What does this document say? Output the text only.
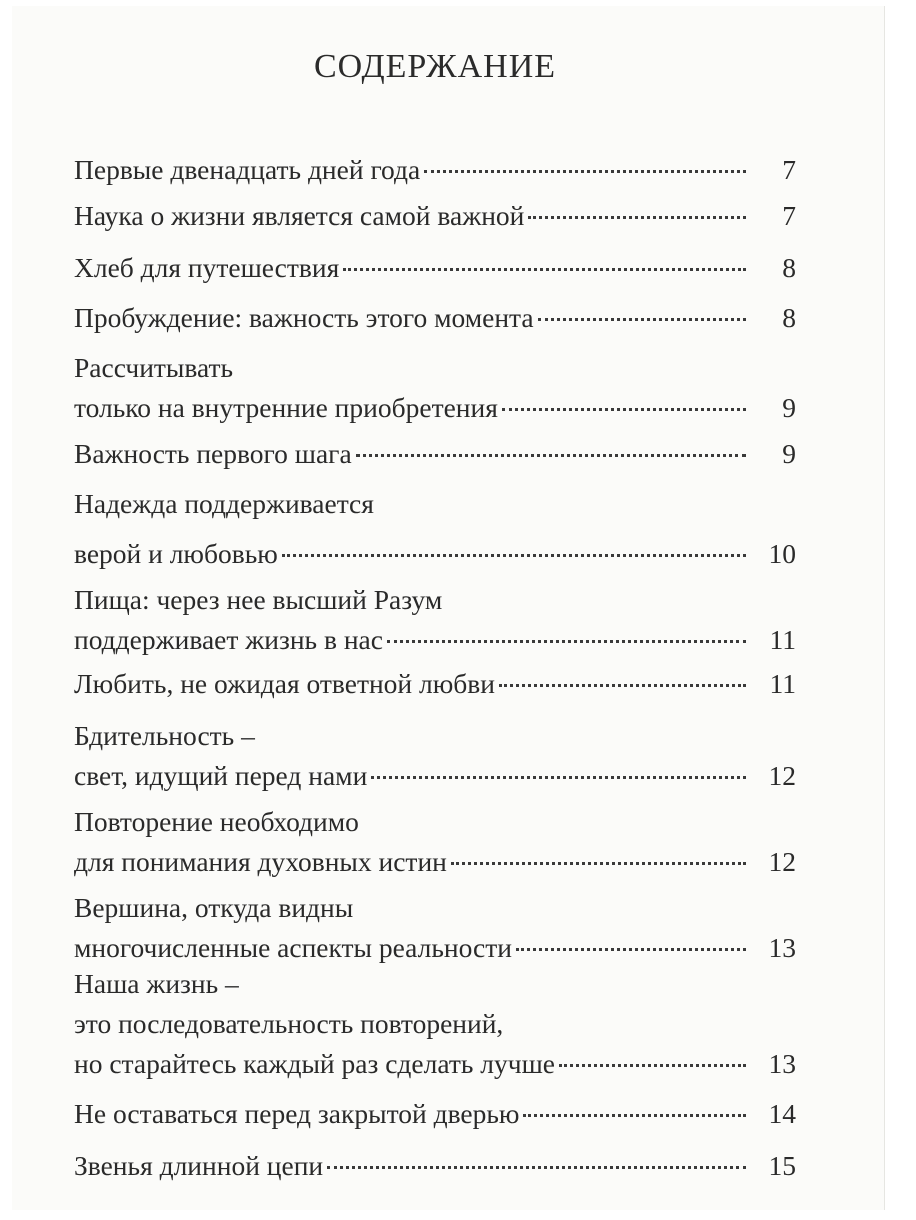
СОДЕРЖАНИЕ
Первые двенадцать дней года	7
Наука о жизни является самой важной	7
Хлеб для путешествия	8
Пробуждение: важность этого момента	8
Рассчитывать
только на внутренние приобретения	9
Важность первого шага	9
Надежда поддерживается
верой и любовью	10
Пища: через нее высший Разум
поддерживает жизнь в нас	11
Любить, не ожидая ответной любви	11
Бдительность –
свет, идущий перед нами	12
Повторение необходимо
для понимания духовных истин	12
Вершина, откуда видны
многочисленные аспекты реальности	13
Наша жизнь –
это последовательность повторений,
но старайтесь каждый раз сделать лучше	13
Не оставаться перед закрытой дверью	14
Звенья длинной цепи	15
